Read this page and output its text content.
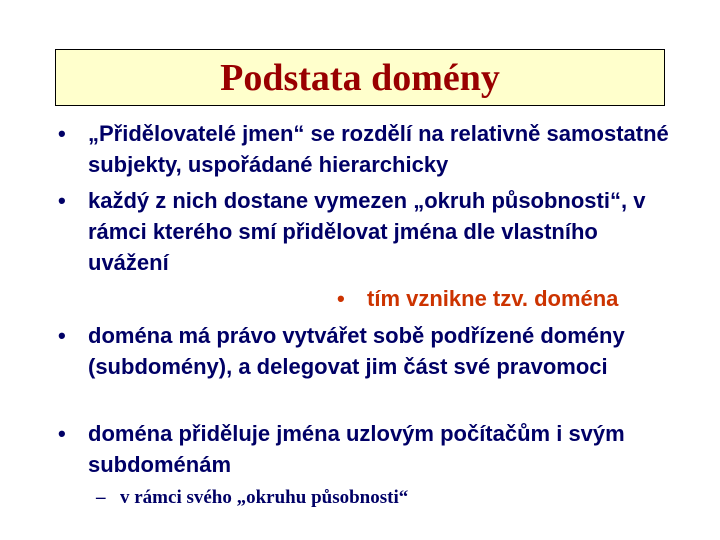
Podstata domény
•	„Přidělovatelé jmen“ se rozdělí na relativně samostatné subjekty, uspořádané hierarchicky
•	každý z nich dostane vymezen „okruh působnosti“, v rámci kterého smí přidělovat jména dle vlastního uvážení
•	tím vznikne tzv. doména
•	doména má právo vytvářet sobě podřízené domény (subdomény), a delegovat jim část své pravomoci
•	doména přiděluje jména uzlovým počítačům i svým subdoménám
– v rámci svého „okruhu působnosti“
